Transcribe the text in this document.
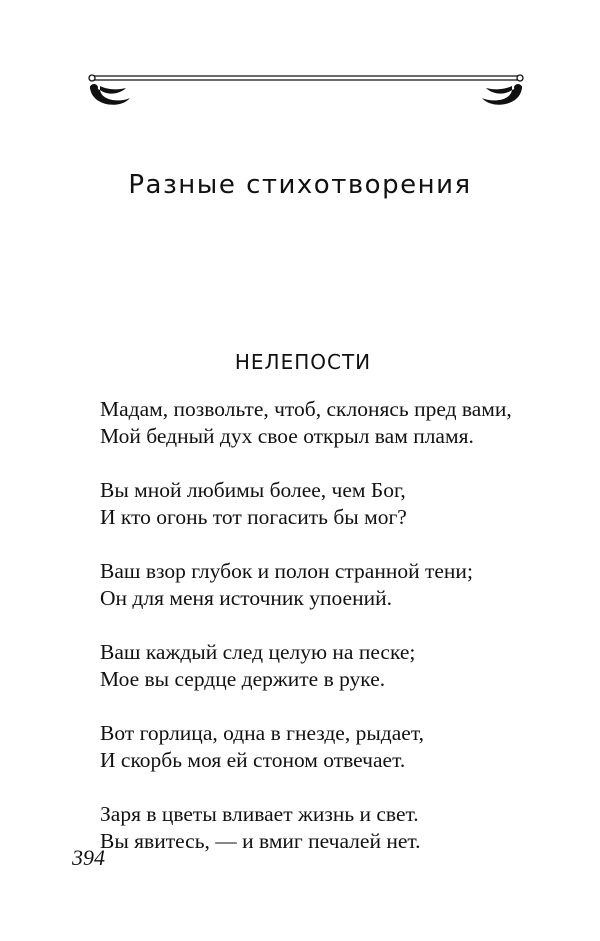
Разные стихотворения
НЕЛЕПОСТИ
Мадам, позвольте, чтоб, склонясь пред вами,
Мой бедный дух свое открыл вам пламя.
Вы мной любимы более, чем Бог,
И кто огонь тот погасить бы мог?
Ваш взор глубок и полон странной тени;
Он для меня источник упоений.
Ваш каждый след целую на песке;
Мое вы сердце держите в руке.
Вот горлица, одна в гнезде, рыдает,
И скорбь моя ей стоном отвечает.
Заря в цветы вливает жизнь и свет.
Вы явитесь, — и вмиг печалей нет.
394
